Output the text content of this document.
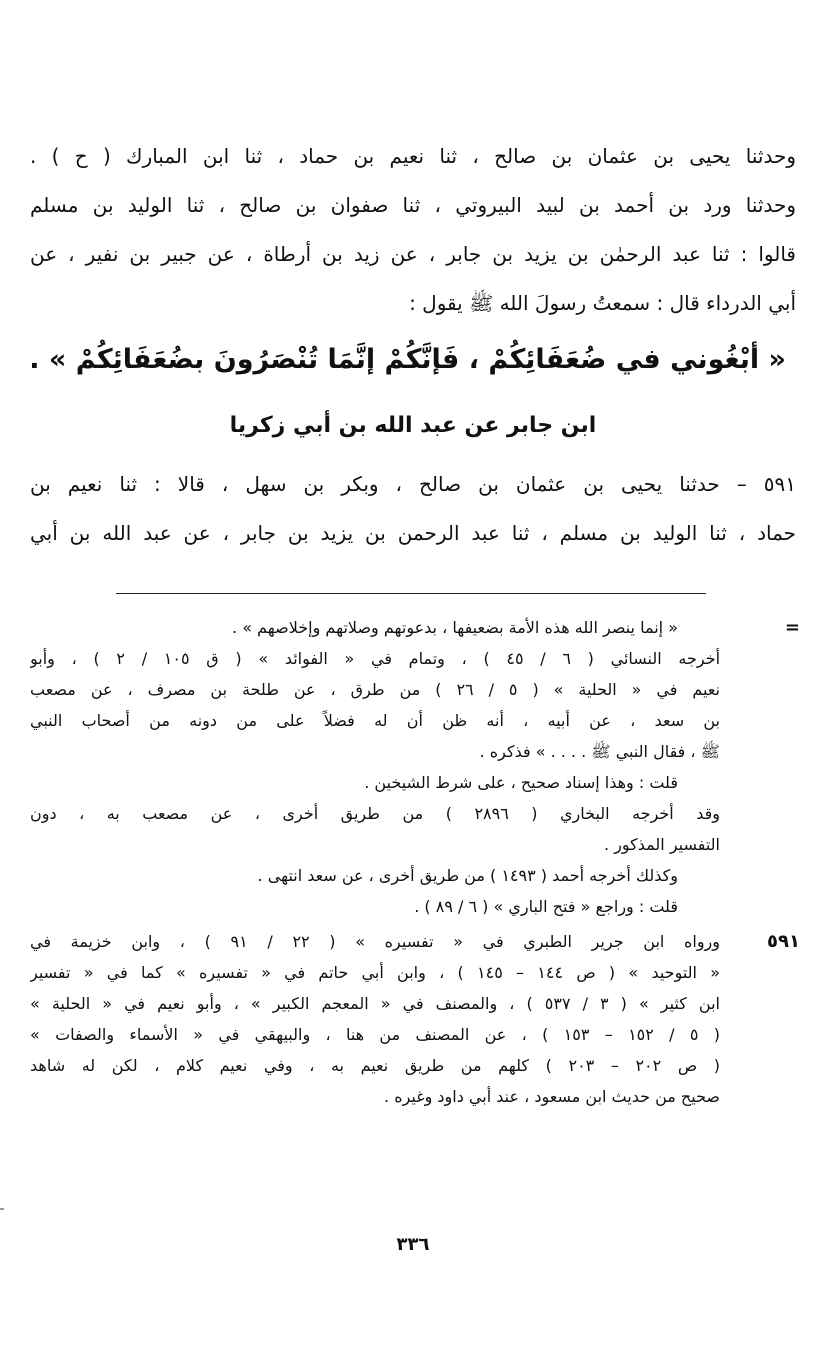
وحدثنا يحيى بن عثمان بن صالح ، ثنا نعيم بن حماد ، ثنا ابن المبارك ( ح ) .
وحدثنا ورد بن أحمد بن لبيد البيروتي ، ثنا صفوان بن صالح ، ثنا الوليد بن مسلم
قالوا : ثنا عبد الرحمٰن بن يزيد بن جابر ، عن زيد بن أرطاة ، عن جبير بن نفير ، عن
أبي الدرداء قال : سمعتُ رسولَ الله ﷺ يقول :
« أبْغُوني في ضُعَفَائِكُمْ ، فَإنَّكُمْ إنَّمَا تُنْصَرُونَ بضُعَفَائِكُمْ » .
ابن جابر عن عبد الله بن أبي زكريا
٥٩١ – حدثنا يحيى بن عثمان بن صالح ، وبكر بن سهل ، قالا : ثنا نعيم بن
حماد ، ثنا الوليد بن مسلم ، ثنا عبد الرحمن بن يزيد بن جابر ، عن عبد الله بن أبي
=
« إنما ينصر الله هذه الأمة بضعيفها ، بدعوتهم وصلاتهم وإخلاصهم » .
أخرجه النسائي ( ٦ / ٤٥ ) ، وتمام في « الفوائد » ( ق ١٠٥ / ٢ ) ، وأبو
نعيم في « الحلية » ( ٥ / ٢٦ ) من طرق ، عن طلحة بن مصرف ، عن مصعب
بن سعد ، عن أبيه ، أنه ظن أن له فضلاً على من دونه من أصحاب النبي
ﷺ ، فقال النبي ﷺ . . . . » فذكره .
قلت : وهذا إسناد صحيح ، على شرط الشيخين .
وقد أخرجه البخاري ( ٢٨٩٦ ) من طريق أخرى ، عن مصعب به ، دون
التفسير المذكور .
وكذلك أخرجه أحمد ( ١٤٩٣ ) من طريق أخرى ، عن سعد انتهى .
قلت : وراجع « فتح الباري » ( ٦ / ٨٩ ) .
٥٩١
ورواه ابن جرير الطبري في « تفسيره » ( ٢٢ / ٩١ ) ، وابن خزيمة في
« التوحيد » ( ص ١٤٤ – ١٤٥ ) ، وابن أبي حاتم في « تفسيره » كما في « تفسير
ابن كثير » ( ٣ / ٥٣٧ ) ، والمصنف في « المعجم الكبير » ، وأبو نعيم في « الحلية »
( ٥ / ١٥٢ – ١٥٣ ) ، عن المصنف من هنا ، والبيهقي في « الأسماء والصفات »
( ص ٢٠٢ – ٢٠٣ ) كلهم من طريق نعيم به ، وفي نعيم كلام ، لكن له شاهد
صحيح من حديث ابن مسعود ، عند أبي داود وغيره .
٣٣٦
